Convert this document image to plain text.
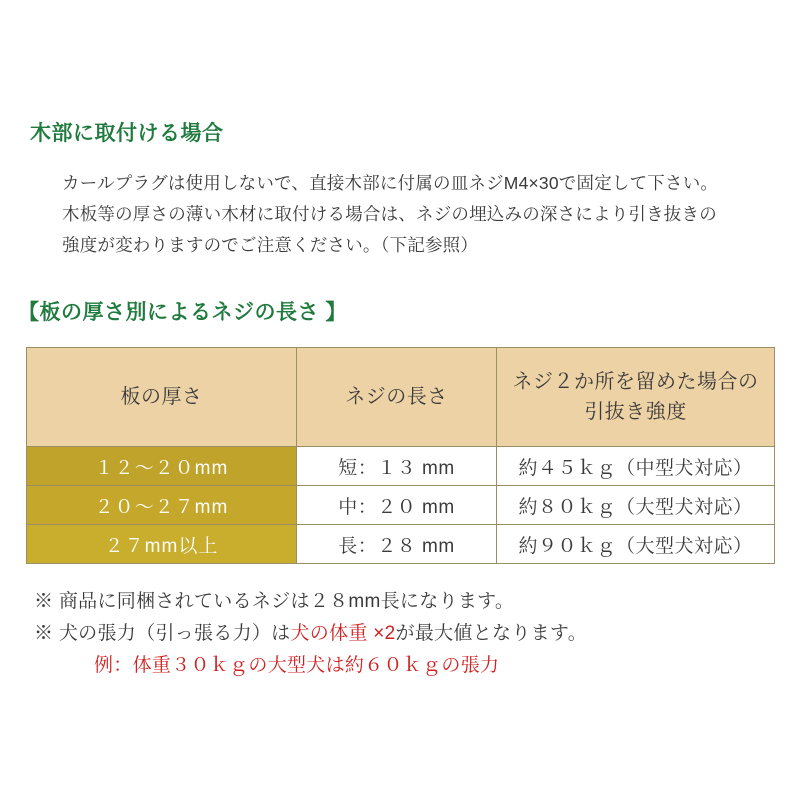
木部に取付ける場合
カールプラグは使用しないで、直接木部に付属の皿ネジM4×30で固定して下さい。
木板等の厚さの薄い木材に取付ける場合は、ネジの埋込みの深さにより引き抜きの
強度が変わりますのでご注意ください。（下記参照）
【板の厚さ別によるネジの長さ 】
板の厚さ	ネジの長さ	ネジ２か所を留めた場合の
引抜き強度
１２〜２０mm	短：１３ mm	約４５ｋｇ（中型犬対応）
２０〜２７mm	中：２０ mm	約８０ｋｇ（大型犬対応）
２７mm以上	長：２８ mm	約９０ｋｇ（大型犬対応）
※ 商品に同梱されているネジは２８mm長になります。
※ 犬の張力（引っ張る力）は犬の体重 ×2が最大値となります。
例：体重３０ｋｇの大型犬は約６０ｋｇの張力
